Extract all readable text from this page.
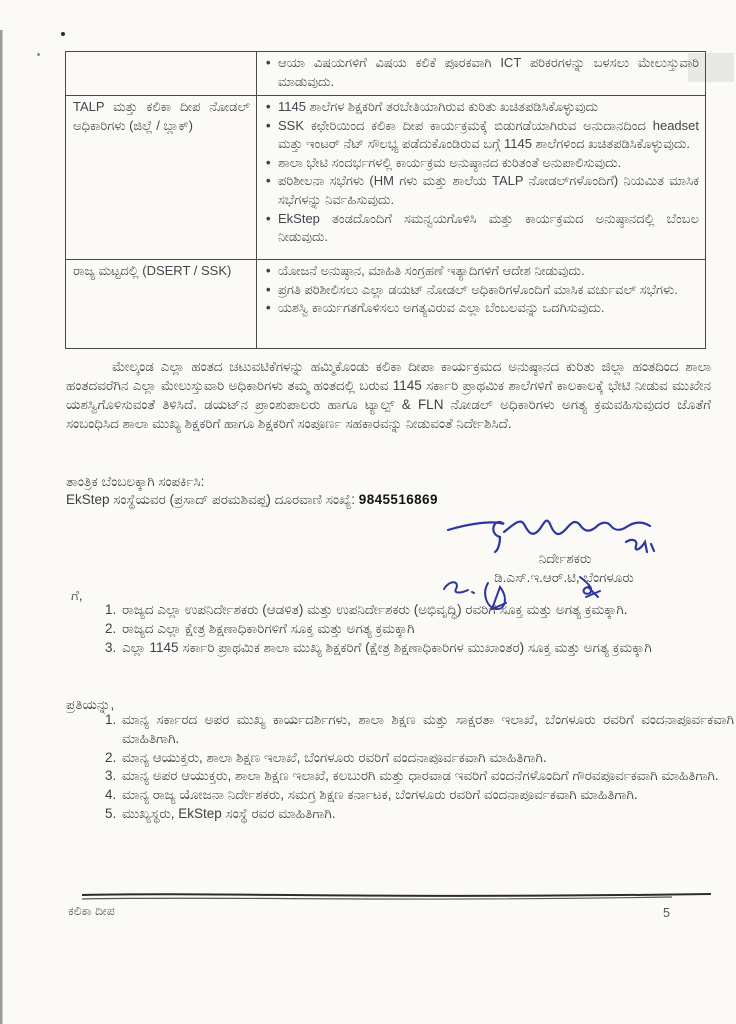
• ಆಯಾ ವಿಷಯಗಳಿಗೆ ವಿಷಯ ಕಲಿಕೆ ಪೂರಕವಾಗಿ ICT ಪರಿಕರಗಳನ್ನು ಬಳಸಲು ಮೇಲುಸ್ತುವಾರಿ ಮಾಡುವುದು.

TALP ಮತ್ತು ಕಲಿಕಾ ದೀಪ ನೋಡಲ್ ಅಧಿಕಾರಿಗಳು (ಜಿಲ್ಲೆ / ಬ್ಲಾಕ್)	
• 1145 ಶಾಲೆಗಳ ಶಿಕ್ಷಕರಿಗೆ ತರಬೇತಿಯಾಗಿರುವ ಕುರಿತು ಖಚಿತಪಡಿಸಿಕೊಳ್ಳುವುದು
• SSK ಕಛೇರಿಯಿಂದ ಕಲಿಕಾ ದೀಪ ಕಾರ್ಯಕ್ರಮಕ್ಕೆ ಬಿಡುಗಡೆಯಾಗಿರುವ ಅನುದಾನದಿಂದ headset ಮತ್ತು ಇಂಟರ್ ನೆಟ್ ಸೌಲಭ್ಯ ಪಡೆದುಕೊಂಡಿರುವ ಬಗ್ಗೆ 1145 ಶಾಲೆಗಳಿಂದ ಖಚಿತಪಡಿಸಿಕೊಳ್ಳುವುದು.
• ಶಾಲಾ ಭೇಟಿ ಸಂದರ್ಭಗಳಲ್ಲಿ ಕಾರ್ಯಕ್ರಮ ಅನುಷ್ಠಾನದ ಕುರಿತಂತೆ ಅನುಪಾಲಿಸುವುದು.
• ಪರಿಶೀಲನಾ ಸಭೆಗಳು (HM ಗಳು ಮತ್ತು ಶಾಲೆಯ TALP ನೋಡಲ್‌ಗಳೊಂದಿಗೆ) ನಿಯಮಿತ ಮಾಸಿಕ ಸಭೆಗಳನ್ನು ನಿರ್ವಹಿಸುವುದು.
• EkStep ತಂಡದೊಂದಿಗೆ ಸಮನ್ವಯಗೊಳಿಸಿ ಮತ್ತು ಕಾರ್ಯಕ್ರಮದ ಅನುಷ್ಠಾನದಲ್ಲಿ ಬೆಂಬಲ ನೀಡುವುದು.

ರಾಜ್ಯ ಮಟ್ಟದಲ್ಲಿ (DSERT / SSK)	
•ಯೋಜನೆ ಅನುಷ್ಠಾನ, ಮಾಹಿತಿ ಸಂಗ್ರಹಣೆ ಇತ್ಯಾದಿಗಳಿಗೆ ಆದೇಶ ನೀಡುವುದು.
• ಪ್ರಗತಿ ಪರಿಶೀಲಿಸಲು ಎಲ್ಲಾ ಡಯಟ್ ನೋಡಲ್ ಅಧಿಕಾರಿಗಳೊಂದಿಗೆ ಮಾಸಿಕ ವರ್ಚುವಲ್ ಸಭೆಗಳು.
• ಯಶಸ್ವಿ ಕಾರ್ಯಗತಗೊಳಿಸಲು ಅಗತ್ಯವಿರುವ ಎಲ್ಲಾ ಬೆಂಬಲವನ್ನು ಒದಗಿಸುವುದು.
ಮೇಲ್ಕಂಡ ಎಲ್ಲಾ ಹಂತದ ಚಟುವಟಿಕೆಗಳನ್ನು ಹಮ್ಮಿಕೊಂಡು ಕಲಿಕಾ ದೀಪಾ ಕಾರ್ಯಕ್ರಮದ ಅನುಷ್ಠಾನದ ಕುರಿತು ಜಿಲ್ಲಾ ಹಂತದಿಂದ ಶಾಲಾ ಹಂತದವರೆಗಿನ ಎಲ್ಲಾ ಮೇಲುಸ್ತುವಾರಿ ಅಧಿಕಾರಿಗಳು ತಮ್ಮ ಹಂತದಲ್ಲಿ ಬರುವ 1145 ಸರ್ಕಾರಿ ಪ್ರಾಥಮಿಕ ಶಾಲೆಗಳಿಗೆ ಕಾಲಕಾಲಕ್ಕೆ ಭೇಟಿ ನೀಡುವ ಮುಖೇನ ಯಶಸ್ವಿಗೊಳಿಸುವಂತೆ ತಿಳಿಸಿದೆ. ಡಯಟ್‌ನ ಪ್ರಾಂಶುಪಾಲರು ಹಾಗೂ ಟ್ಯಾಲ್ಪ್ & FLN ನೋಡಲ್ ಅಧಿಕಾರಿಗಳು ಅಗತ್ಯ ಕ್ರಮವಹಿಸುವುದರ ಜೊತೆಗೆ ಸಂಬಂಧಿಸಿದ ಶಾಲಾ ಮುಖ್ಯ ಶಿಕ್ಷಕರಿಗೆ ಹಾಗೂ ಶಿಕ್ಷಕರಿಗೆ ಸಂಪೂರ್ಣ ಸಹಕಾರವನ್ನು ನೀಡುವಂತೆ ನಿರ್ದೇಶಿಸಿದೆ.
ತಾಂತ್ರಿಕ ಬೆಂಬಲಕ್ಕಾಗಿ ಸಂಪರ್ಕಿಸಿ:
EkStep ಸಂಸ್ಥೆಯವರ (ಪ್ರಸಾದ್ ಪರಮಶಿವಪ್ಪ) ದೂರವಾಣಿ ಸಂಖ್ಯೆ: 9845516869
ನಿರ್ದೇಶಕರು
ಡಿ.ಎಸ್.ಇ.ಆರ್.ಟಿ, ಬೆಂಗಳೂರು
ಗೆ,
1. ರಾಜ್ಯದ ಎಲ್ಲಾ ಉಪನಿರ್ದೇಶಕರು (ಆಡಳಿತ) ಮತ್ತು ಉಪನಿರ್ದೇಶಕರು (ಅಭಿವೃದ್ಧಿ) ರವರಿಗೆ ಸೂಕ್ತ ಮತ್ತು ಅಗತ್ಯ ಕ್ರಮಕ್ಕಾಗಿ.
2. ರಾಜ್ಯದ ಎಲ್ಲಾ ಕ್ಷೇತ್ರ ಶಿಕ್ಷಣಾಧಿಕಾರಿಗಳಿಗೆ ಸೂಕ್ತ ಮತ್ತು ಅಗತ್ಯ ಕ್ರಮಕ್ಕಾಗಿ
3. ಎಲ್ಲಾ 1145 ಸರ್ಕಾರಿ ಪ್ರಾಥಮಿಕ ಶಾಲಾ ಮುಖ್ಯ ಶಿಕ್ಷಕರಿಗೆ (ಕ್ಷೇತ್ರ ಶಿಕ್ಷಣಾಧಿಕಾರಿಗಳ ಮುಖಾಂತರ) ಸೂಕ್ತ ಮತ್ತು ಅಗತ್ಯ ಕ್ರಮಕ್ಕಾಗಿ
ಪ್ರತಿಯನ್ನು,
1. ಮಾನ್ಯ ಸರ್ಕಾರದ ಅಪರ ಮುಖ್ಯ ಕಾರ್ಯದರ್ಶಿಗಳು, ಶಾಲಾ ಶಿಕ್ಷಣ ಮತ್ತು ಸಾಕ್ಷರತಾ ಇಲಾಖೆ, ಬೆಂಗಳೂರು ರವರಿಗೆ ವಂದನಾಪೂರ್ವಕವಾಗಿ ಮಾಹಿತಿಗಾಗಿ.
2. ಮಾನ್ಯ ಆಯುಕ್ತರು, ಶಾಲಾ ಶಿಕ್ಷಣ ಇಲಾಖೆ, ಬೆಂಗಳೂರು ರವರಿಗೆ ವಂದನಾಪೂರ್ವಕವಾಗಿ ಮಾಹಿತಿಗಾಗಿ.
3. ಮಾನ್ಯ ಅಪರ ಆಯುಕ್ತರು, ಶಾಲಾ ಶಿಕ್ಷಣ ಇಲಾಖೆ, ಕಲಬುರಗಿ ಮತ್ತು ಧಾರವಾಡ ಇವರಿಗೆ ವಂದನೆಗಳೊಂದಿಗೆ ಗೌರವಪೂರ್ವಕವಾಗಿ ಮಾಹಿತಿಗಾಗಿ.
4. ಮಾನ್ಯ ರಾಜ್ಯ ಯೋಜನಾ ನಿರ್ದೇಶಕರು, ಸಮಗ್ರ ಶಿಕ್ಷಣ ಕರ್ನಾಟಕ, ಬೆಂಗಳೂರು ರವರಿಗೆ ವಂದನಾಪೂರ್ವಕವಾಗಿ ಮಾಹಿತಿಗಾಗಿ.
5. ಮುಖ್ಯಸ್ಥರು, EkStep ಸಂಸ್ಥೆ ರವರ ಮಾಹಿತಿಗಾಗಿ.
ಕಲಿಕಾ ದೀಪ	5
